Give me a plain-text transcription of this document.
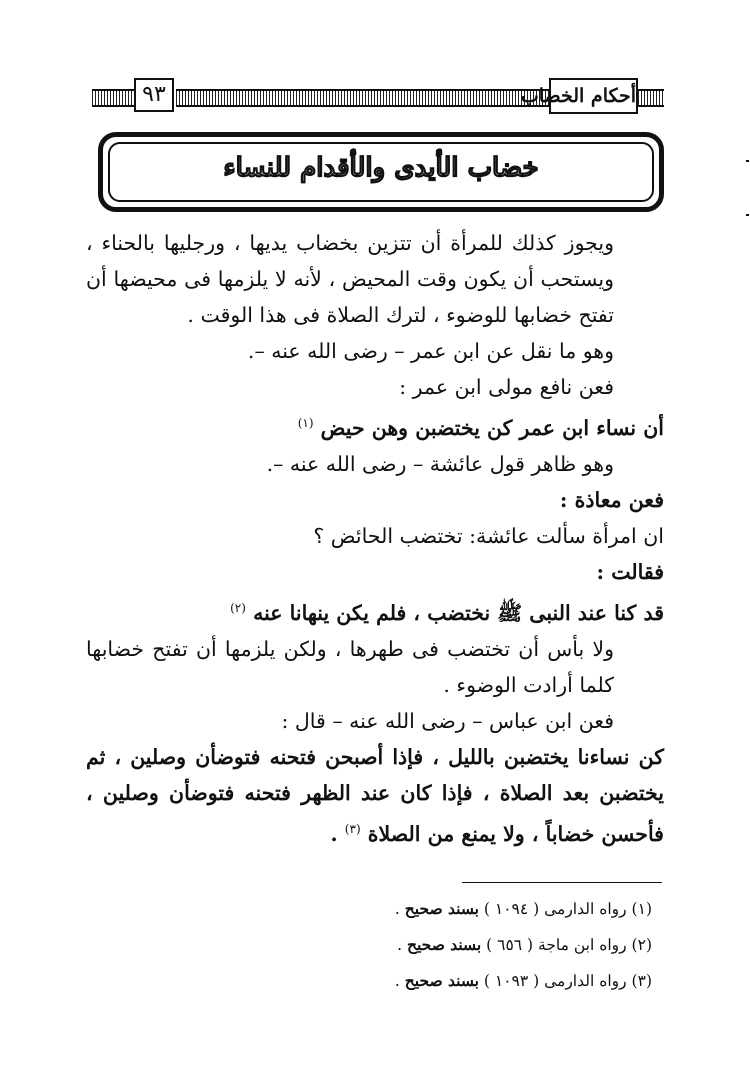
٩٣	أحكام الخضاب
خضاب الأيدى والأقدام للنساء

ويجوز كذلك للمرأة أن تتزين بخضاب يديها ، ورجليها بالحناء ، ويستحب أن يكون وقت المحيض ، لأنه لا يلزمها فى محيضها أن تفتح خضابها للوضوء ، لترك الصلاة فى هذا الوقت .

وهو ما نقل عن ابن عمر – رضى الله عنه –.

فعن نافع مولى ابن عمر :

أن نساء ابن عمر كن يختضبن وهن حيض $^{(١)}$

وهو ظاهر قول عائشة – رضى الله عنه –.

فعن معاذة :

ان امرأة سألت عائشة: تختضب الحائض ؟

فقالت :

قد كنا عند النبى ﷺ نختضب ، فلم يكن ينهانا عنه $^{(٢)}$

ولا بأس أن تختضب فى طهرها ، ولكن يلزمها أن تفتح خضابها كلما أرادت الوضوء .

فعن ابن عباس – رضى الله عنه – قال :

كن نساءنا يختضبن بالليل ، فإذا أصبحن فتحنه فتوضأن وصلين ، ثم يختضبن بعد الصلاة ، فإذا كان عند الظهر فتحنه فتوضأن وصلين ، فأحسن خضاباً ، ولا يمنع من الصلاة $^{(٣)}$ .

(١) رواه الدارمى ( ١٠٩٤ ) بسند صحيح .

(٢) رواه ابن ماجة ( ٦٥٦ ) بسند صحيح .

(٣) رواه الدارمى ( ١٠٩٣ ) بسند صحيح .
